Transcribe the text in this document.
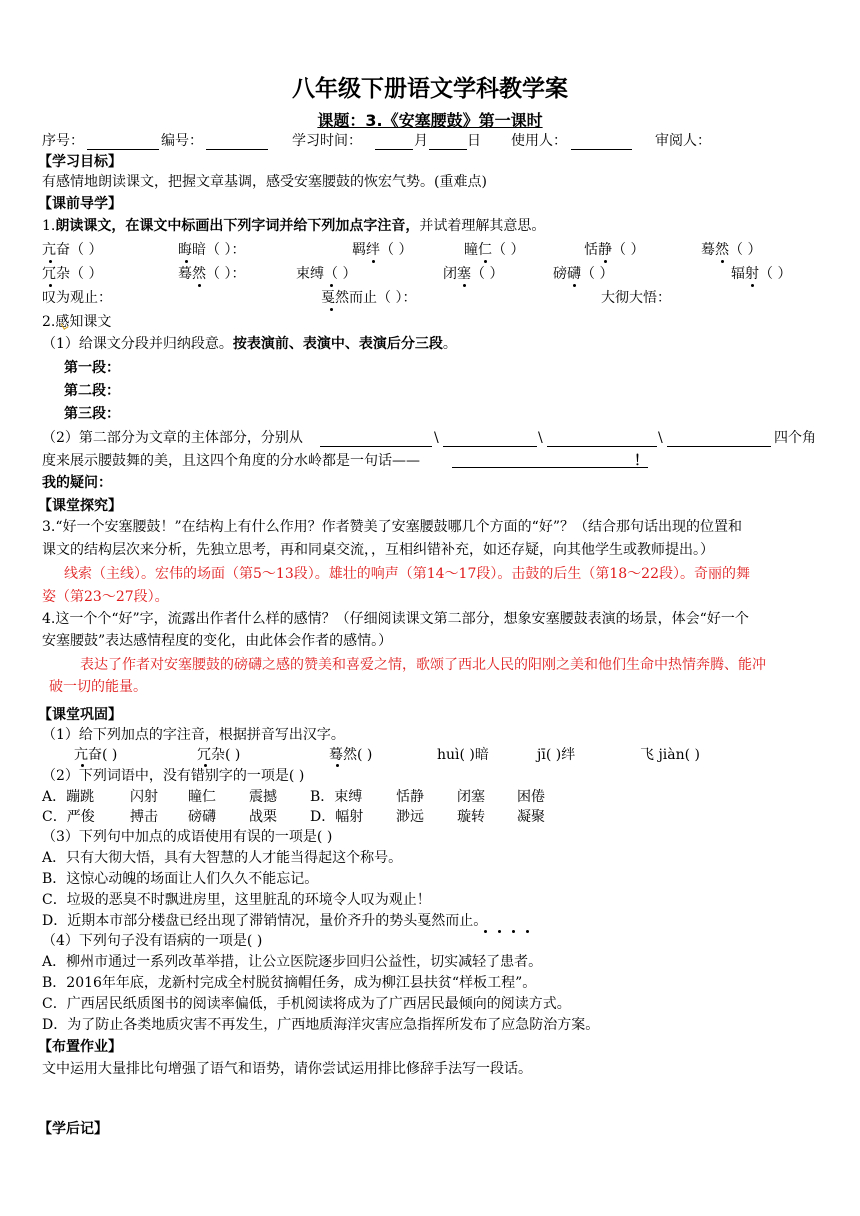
八年级下册语文学科教学案
课题：3.《安塞腰鼓》第一课时
序号：	编号：	学习时间：	月	日 使用人：	审阅人：
【学习目标】
有感情地朗读课文，把握文章基调，感受安塞腰鼓的恢宏气势。(重难点)
【课前导学】
1.朗读课文，在课文中标画出下列字词并给下列加点字注音，并试着理解其意思。
亢奋（ ）	晦暗（ ）：	羁绊（ ）	瞳仁（ ）	恬静（ ）	蓦然（ ）
冗杂（ ）	蓦然（ ）：	束缚（ ）	闭塞（ ）	磅礴（ ）	辐射（ ）
叹为观止：	戛然而止（ ）：	大彻大悟：
2.感知课文
（1）给课文分段并归纳段意。按表演前、表演中、表演后分三段。
第一段：
第二段：
第三段：
（2）第二部分为文章的主体部分，分别从	\	\	\	四个角
度来展示腰鼓舞的美，且这四个角度的分水岭都是一句话——	！
我的疑问：
【课堂探究】
3.“好一个安塞腰鼓！”在结构上有什么作用？作者赞美了安塞腰鼓哪几个方面的“好”？（结合那句话出现的位置和
课文的结构层次来分析，先独立思考，再和同桌交流，，互相纠错补充，如还存疑，向其他学生或教师提出。）
线索（主线）。宏伟的场面（第5～13段）。雄壮的响声（第14～17段）。击鼓的后生（第18～22段）。奇丽的舞
姿（第23～27段）。
4.这一个个“好”字，流露出作者什么样的感情？（仔细阅读课文第二部分，想象安塞腰鼓表演的场景，体会“好一个
安塞腰鼓”表达感情程度的变化，由此体会作者的感情。）
表达了作者对安塞腰鼓的磅礴之感的赞美和喜爱之情，歌颂了西北人民的阳刚之美和他们生命中热情奔腾、能冲
破一切的能量。
【课堂巩固】
（1）给下列加点的字注音，根据拼音写出汉字。
亢奋( )	冗杂( )	蓦然( )	huì( )暗	jī( )绊	飞 jiàn( )
（2）下列词语中，没有错别字的一项是( )
A．蹦跳	闪射 瞳仁 震撼 B．束缚 恬静 闭塞 困倦
C．严俊	搏击 磅礴 战栗 D．幅射 渺远 璇转 凝聚
（3）下列句中加点的成语使用有误的一项是( )
A．只有大彻大悟，具有大智慧的人才能当得起这个称号。
B．这惊心动魄的场面让人们久久不能忘记。
C．垃圾的恶臭不时飘进房里，这里脏乱的环境令人叹为观止！
D．近期本市部分楼盘已经出现了滞销情况，量价齐升的势头戛然而止。
（4）下列句子没有语病的一项是( )
A．柳州市通过一系列改革举措，让公立医院逐步回归公益性，切实减轻了患者。
B．2016年年底，龙新村完成全村脱贫摘帽任务，成为柳江县扶贫“样板工程”。
C．广西居民纸质图书的阅读率偏低，手机阅读将成为了广西居民最倾向的阅读方式。
D．为了防止各类地质灾害不再发生，广西地质海洋灾害应急指挥所发布了应急防治方案。
【布置作业】
文中运用大量排比句增强了语气和语势，请你尝试运用排比修辞手法写一段话。
【学后记】
